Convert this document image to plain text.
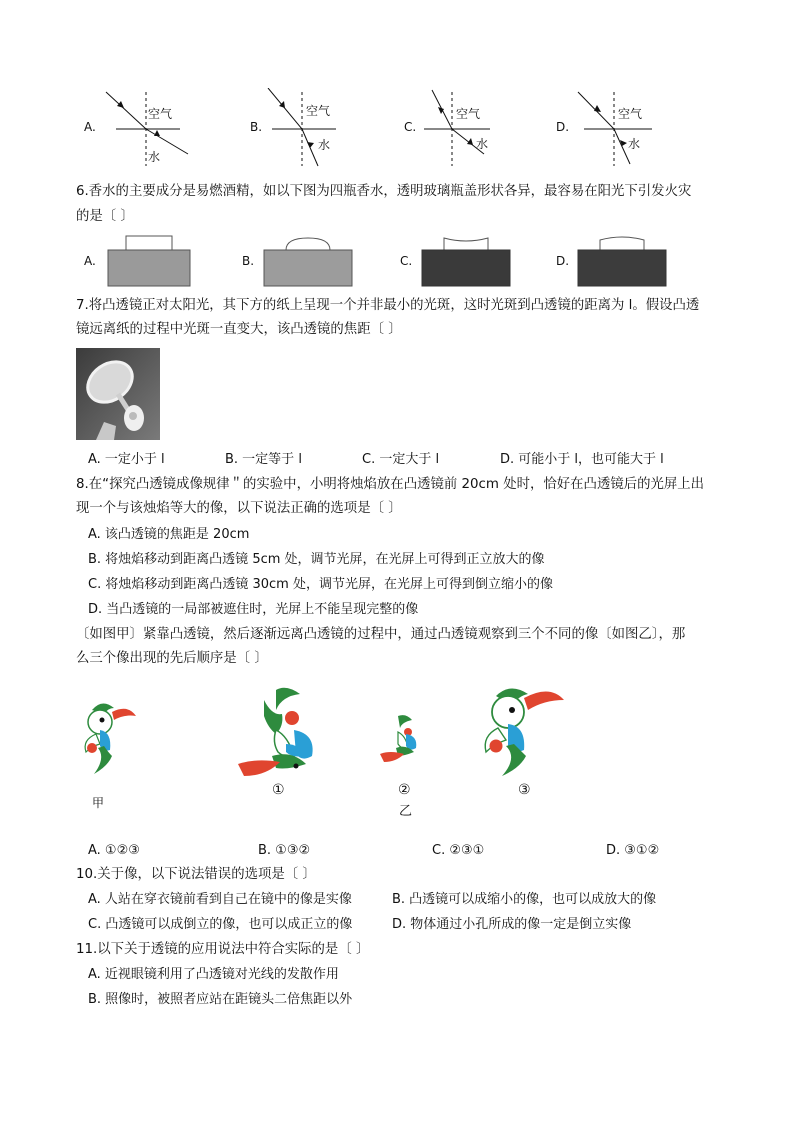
A.
空气
水
B.
空气
水
C.
空气
水
D.
空气
水
6.香水的主要成分是易燃酒精，如以下图为四瓶香水，透明玻璃瓶盖形状各异，最容易在阳光下引发火灾
的是〔 〕
A.	B.	C.	D.
7.将凸透镜正对太阳光，其下方的纸上呈现一个并非最小的光斑，这时光斑到凸透镜的距离为 l。假设凸透
镜远离纸的过程中光斑一直变大，该凸透镜的焦距〔 〕
A. 一定小于 l	B. 一定等于 l	C. 一定大于 l	D. 可能小于 l，也可能大于 l
8.在“探究凸透镜成像规律＂的实验中，小明将烛焰放在凸透镜前 20cm 处时，恰好在凸透镜后的光屏上出
现一个与该烛焰等大的像，以下说法正确的选项是〔 〕
A. 该凸透镜的焦距是 20cm
B. 将烛焰移动到距离凸透镜 5cm 处，调节光屏，在光屏上可得到正立放大的像
C. 将烛焰移动到距离凸透镜 30cm 处，调节光屏，在光屏上可得到倒立缩小的像
D. 当凸透镜的一局部被遮住时，光屏上不能呈现完整的像
〔如图甲〕紧靠凸透镜，然后逐渐远离凸透镜的过程中，通过凸透镜观察到三个不同的像〔如图乙〕，那
么三个像出现的先后顺序是〔 〕
甲
①	②
乙
③
A. ①②③	B. ①③②	C. ②③①	D. ③①②
10.关于像，以下说法错误的选项是〔 〕
A. 人站在穿衣镜前看到自己在镜中的像是实像	B. 凸透镜可以成缩小的像，也可以成放大的像
C. 凸透镜可以成倒立的像，也可以成正立的像	D. 物体通过小孔所成的像一定是倒立实像
11.以下关于透镜的应用说法中符合实际的是〔 〕
A. 近视眼镜利用了凸透镜对光线的发散作用
B. 照像时，被照者应站在距镜头二倍焦距以外
